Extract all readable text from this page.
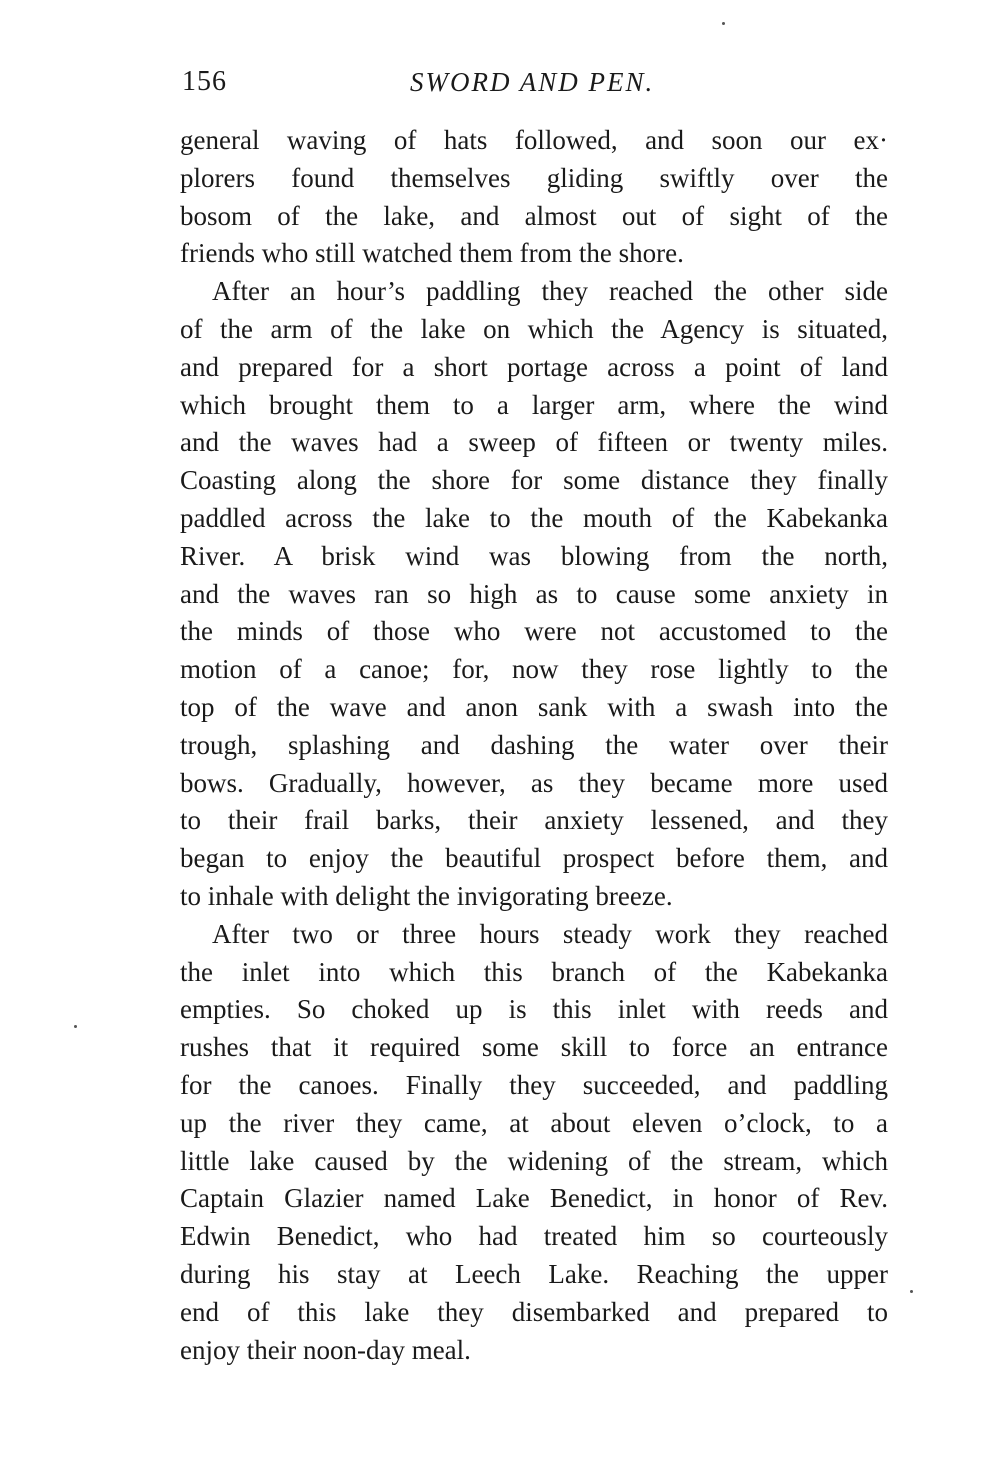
156	SWORD AND PEN.
general waving of hats followed, and soon our ex·
plorers found themselves gliding swiftly over the
bosom of the lake, and almost out of sight of the
friends who still watched them from the shore.
After an hour’s paddling they reached the other side
of the arm of the lake on which the Agency is situated,
and prepared for a short portage across a point of land
which brought them to a larger arm, where the wind
and the waves had a sweep of fifteen or twenty miles.
Coasting along the shore for some distance they finally
paddled across the lake to the mouth of the Kabekanka
River. A brisk wind was blowing from the north,
and the waves ran so high as to cause some anxiety in
the minds of those who were not accustomed to the
motion of a canoe; for, now they rose lightly to the
top of the wave and anon sank with a swash into the
trough, splashing and dashing the water over their
bows. Gradually, however, as they became more used
to their frail barks, their anxiety lessened, and they
began to enjoy the beautiful prospect before them, and
to inhale with delight the invigorating breeze.
After two or three hours steady work they reached
the inlet into which this branch of the Kabekanka
empties. So choked up is this inlet with reeds and
rushes that it required some skill to force an entrance
for the canoes. Finally they succeeded, and paddling
up the river they came, at about eleven o’clock, to a
little lake caused by the widening of the stream, which
Captain Glazier named Lake Benedict, in honor of Rev.
Edwin Benedict, who had treated him so courteously
during his stay at Leech Lake. Reaching the upper
end of this lake they disembarked and prepared to
enjoy their noon-day meal.
